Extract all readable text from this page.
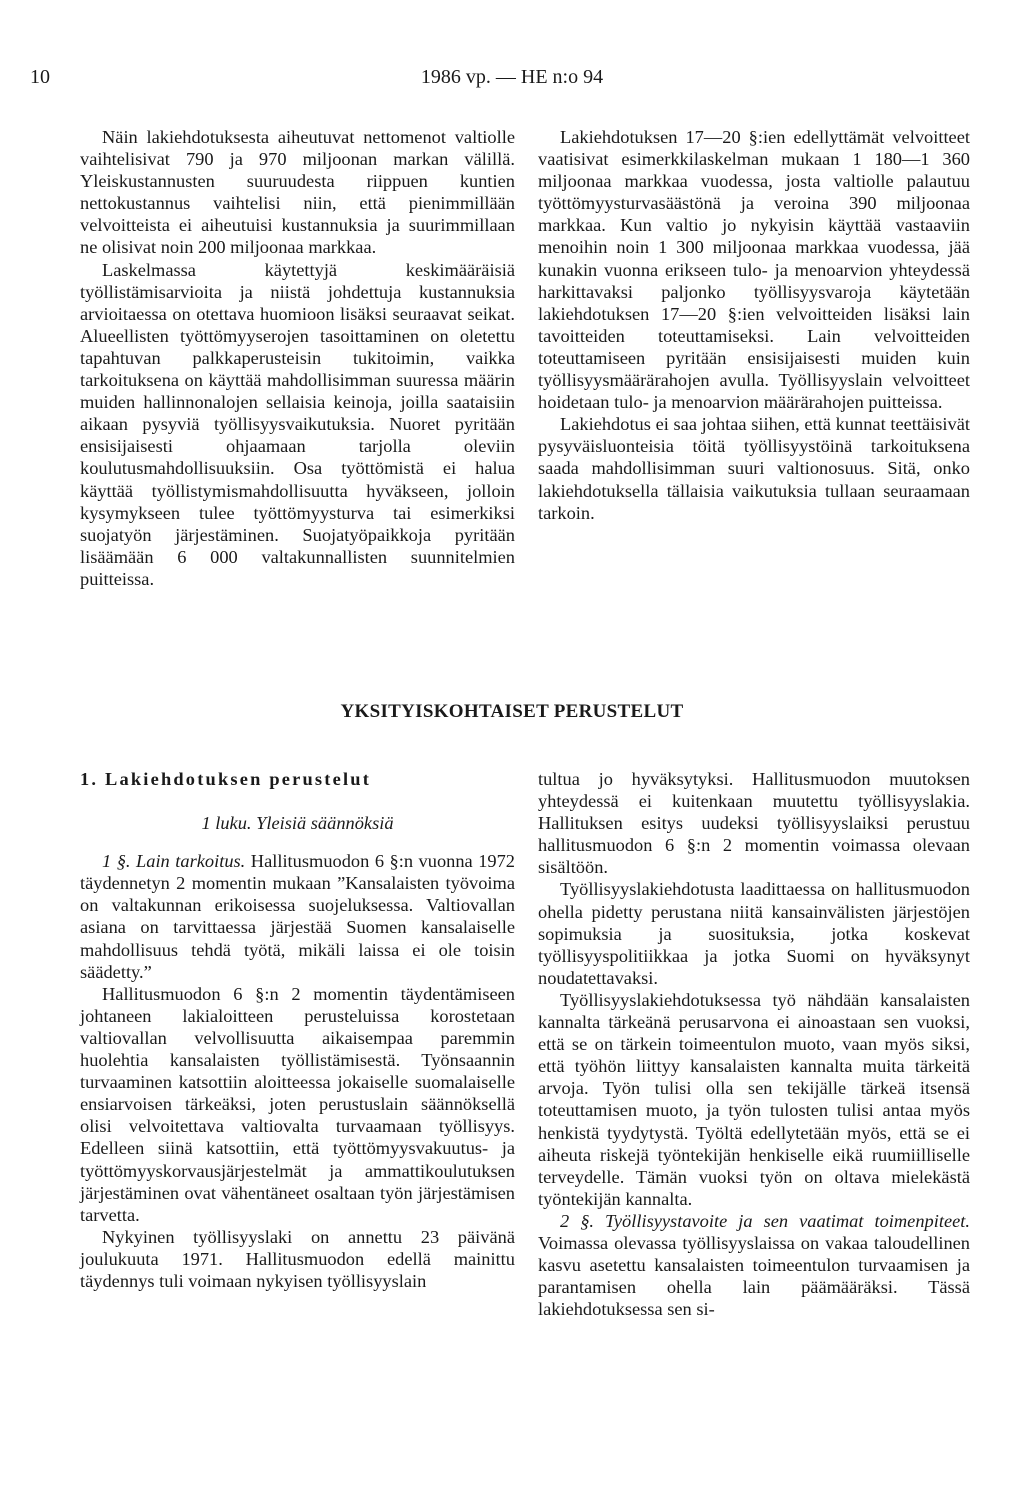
10	1986 vp. — HE n:o 94

Näin lakiehdotuksesta aiheutuvat nettomenot valtiolle vaihtelisivat 790 ja 970 miljoonan markan välillä. Yleiskustannusten suuruudesta riippuen kuntien nettokustannus vaihtelisi niin, että pienimmillään velvoitteista ei aiheutuisi kustannuksia ja suurimmillaan ne olisivat noin 200 miljoonaa markkaa.

Laskelmassa käytettyjä keskimääräisiä työllistämisarvioita ja niistä johdettuja kustannuksia arvioitaessa on otettava huomioon lisäksi seuraavat seikat. Alueellisten työttömyyserojen tasoittaminen on oletettu tapahtuvan palkkaperusteisin tukitoimin, vaikka tarkoituksena on käyttää mahdollisimman suuressa määrin muiden hallinnonalojen sellaisia keinoja, joilla saataisiin aikaan pysyviä työllisyysvaikutuksia. Nuoret pyritään ensisijaisesti ohjaamaan tarjolla oleviin koulutusmahdollisuuksiin. Osa työttömistä ei halua käyttää työllistymismahdollisuutta hyväkseen, jolloin kysymykseen tulee työttömyysturva tai esimerkiksi suojatyön järjestäminen. Suojatyöpaikkoja pyritään lisäämään 6 000 valtakunnallisten suunnitelmien puitteissa.

Lakiehdotuksen 17—20 §:ien edellyttämät velvoitteet vaatisivat esimerkkilaskelman mukaan 1 180—1 360 miljoonaa markkaa vuodessa, josta valtiolle palautuu työttömyysturvasäästönä ja veroina 390 miljoonaa markkaa. Kun valtio jo nykyisin käyttää vastaaviin menoihin noin 1 300 miljoonaa markkaa vuodessa, jää kunakin vuonna erikseen tulo- ja menoarvion yhteydessä harkittavaksi paljonko työllisyysvaroja käytetään lakiehdotuksen 17—20 §:ien velvoitteiden lisäksi lain tavoitteiden toteuttamiseksi. Lain velvoitteiden toteuttamiseen pyritään ensisijaisesti muiden kuin työllisyysmäärärahojen avulla. Työllisyyslain velvoitteet hoidetaan tulo- ja menoarvion määrärahojen puitteissa.

Lakiehdotus ei saa johtaa siihen, että kunnat teettäisivät pysyväisluonteisia töitä työllisyystöinä tarkoituksena saada mahdollisimman suuri valtionosuus. Sitä, onko lakiehdotuksella tällaisia vaikutuksia tullaan seuraamaan tarkoin.

YKSITYISKOHTAISET PERUSTELUT

1. Lakiehdotuksen perustelut

1 luku. Yleisiä säännöksiä

1 §. Lain tarkoitus. Hallitusmuodon 6 §:n vuonna 1972 täydennetyn 2 momentin mukaan ”Kansalaisten työvoima on valtakunnan erikoisessa suojeluksessa. Valtiovallan asiana on tarvittaessa järjestää Suomen kansalaiselle mahdollisuus tehdä työtä, mikäli laissa ei ole toisin säädetty.”

Hallitusmuodon 6 §:n 2 momentin täydentämiseen johtaneen lakialoitteen perusteluissa korostetaan valtiovallan velvollisuutta aikaisempaa paremmin huolehtia kansalaisten työllistämisestä. Työnsaannin turvaaminen katsottiin aloitteessa jokaiselle suomalaiselle ensiarvoisen tärkeäksi, joten perustuslain säännöksellä olisi velvoitettava valtiovalta turvaamaan työllisyys. Edelleen siinä katsottiin, että työttömyysvakuutus- ja työttömyyskorvausjärjestelmät ja ammattikoulutuksen järjestäminen ovat vähentäneet osaltaan työn järjestämisen tarvetta.

Nykyinen työllisyyslaki on annettu 23 päivänä joulukuuta 1971. Hallitusmuodon edellä mainittu täydennys tuli voimaan nykyisen työllisyyslain

tultua jo hyväksytyksi. Hallitusmuodon muutoksen yhteydessä ei kuitenkaan muutettu työllisyyslakia. Hallituksen esitys uudeksi työllisyyslaiksi perustuu hallitusmuodon 6 §:n 2 momentin voimassa olevaan sisältöön.

Työllisyyslakiehdotusta laadittaessa on hallitusmuodon ohella pidetty perustana niitä kansainvälisten järjestöjen sopimuksia ja suosituksia, jotka koskevat työllisyyspolitiikkaa ja jotka Suomi on hyväksynyt noudatettavaksi.

Työllisyyslakiehdotuksessa työ nähdään kansalaisten kannalta tärkeänä perusarvona ei ainoastaan sen vuoksi, että se on tärkein toimeentulon muoto, vaan myös siksi, että työhön liittyy kansalaisten kannalta muita tärkeitä arvoja. Työn tulisi olla sen tekijälle tärkeä itsensä toteuttamisen muoto, ja työn tulosten tulisi antaa myös henkistä tyydytystä. Työltä edellytetään myös, että se ei aiheuta riskejä työntekijän henkiselle eikä ruumiilliselle terveydelle. Tämän vuoksi työn on oltava mielekästä työntekijän kannalta.

2 §. Työllisyystavoite ja sen vaatimat toimenpiteet. Voimassa olevassa työllisyyslaissa on vakaa taloudellinen kasvu asetettu kansalaisten toimeentulon turvaamisen ja parantamisen ohella lain päämääräksi. Tässä lakiehdotuksessa sen si-
